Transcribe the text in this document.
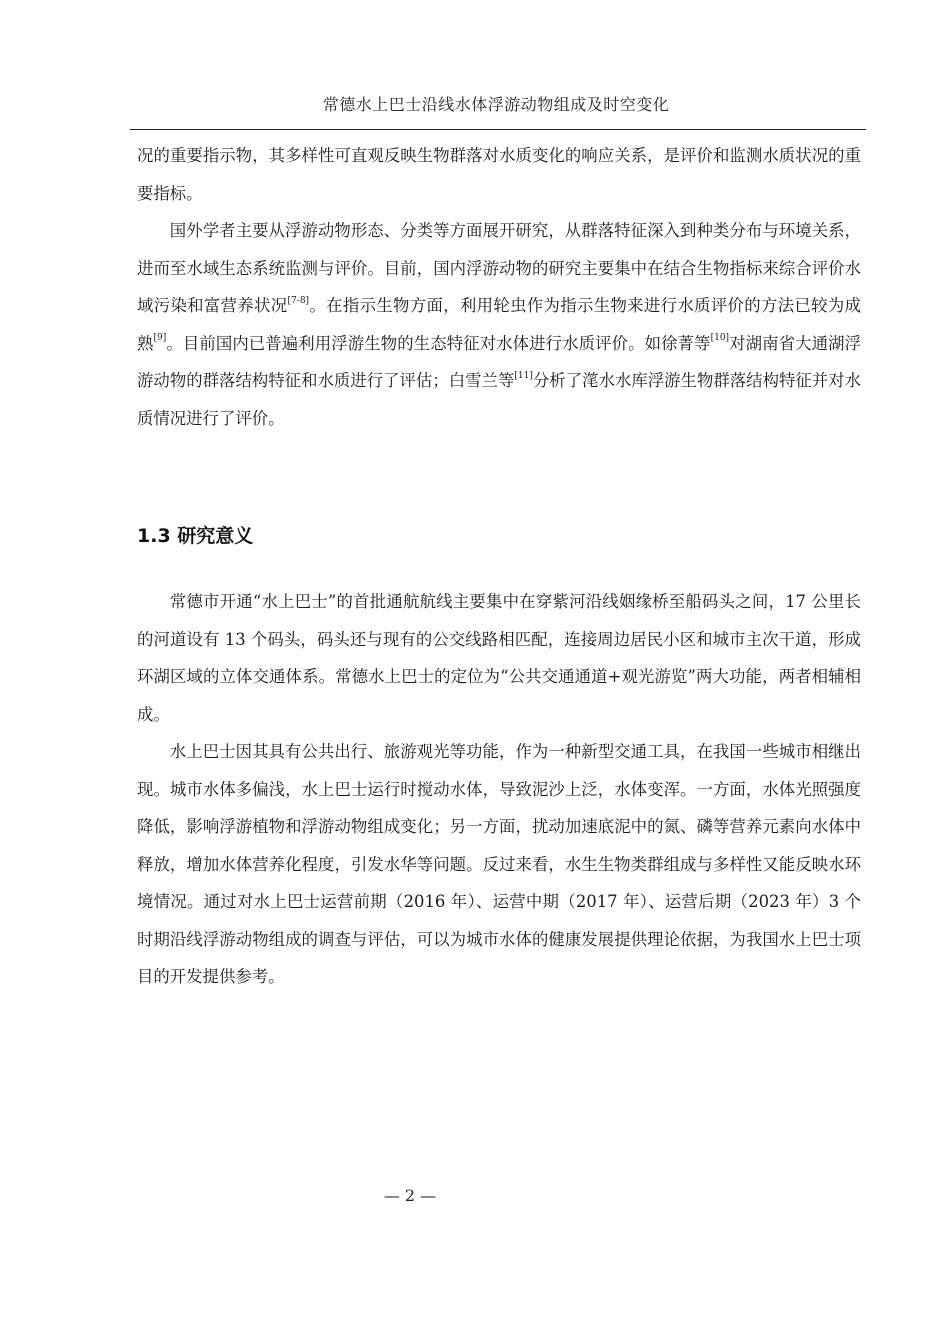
常德水上巴士沿线水体浮游动物组成及时空变化

况的重要指示物，其多样性可直观反映生物群落对水质变化的响应关系，是评价和监测水质状况的重要指标。

国外学者主要从浮游动物形态、分类等方面展开研究，从群落特征深入到种类分布与环境关系，进而至水域生态系统监测与评价。目前，国内浮游动物的研究主要集中在结合生物指标来综合评价水域污染和富营养状况[7-8]。在指示生物方面，利用轮虫作为指示生物来进行水质评价的方法已较为成熟[9]。目前国内已普遍利用浮游生物的生态特征对水体进行水质评价。如徐菁等[10]对湖南省大通湖浮游动物的群落结构特征和水质进行了评估；白雪兰等[11]分析了滗水水库浮游生物群落结构特征并对水质情况进行了评价。

1.3 研究意义

常德市开通“水上巴士”的首批通航航线主要集中在穿紫河沿线姻缘桥至船码头之间，17 公里长的河道设有 13 个码头，码头还与现有的公交线路相匹配，连接周边居民小区和城市主次干道，形成环湖区域的立体交通体系。常德水上巴士的定位为“公共交通通道+观光游览”两大功能，两者相辅相成。

水上巴士因其具有公共出行、旅游观光等功能，作为一种新型交通工具，在我国一些城市相继出现。城市水体多偏浅，水上巴士运行时搅动水体，导致泥沙上泛，水体变浑。一方面，水体光照强度降低，影响浮游植物和浮游动物组成变化；另一方面，扰动加速底泥中的氮、磷等营养元素向水体中释放，增加水体营养化程度，引发水华等问题。反过来看，水生生物类群组成与多样性又能反映水环境情况。通过对水上巴士运营前期（2016 年）、运营中期（2017 年）、运营后期（2023 年）3 个时期沿线浮游动物组成的调查与评估，可以为城市水体的健康发展提供理论依据，为我国水上巴士项目的开发提供参考。

— 2 —
